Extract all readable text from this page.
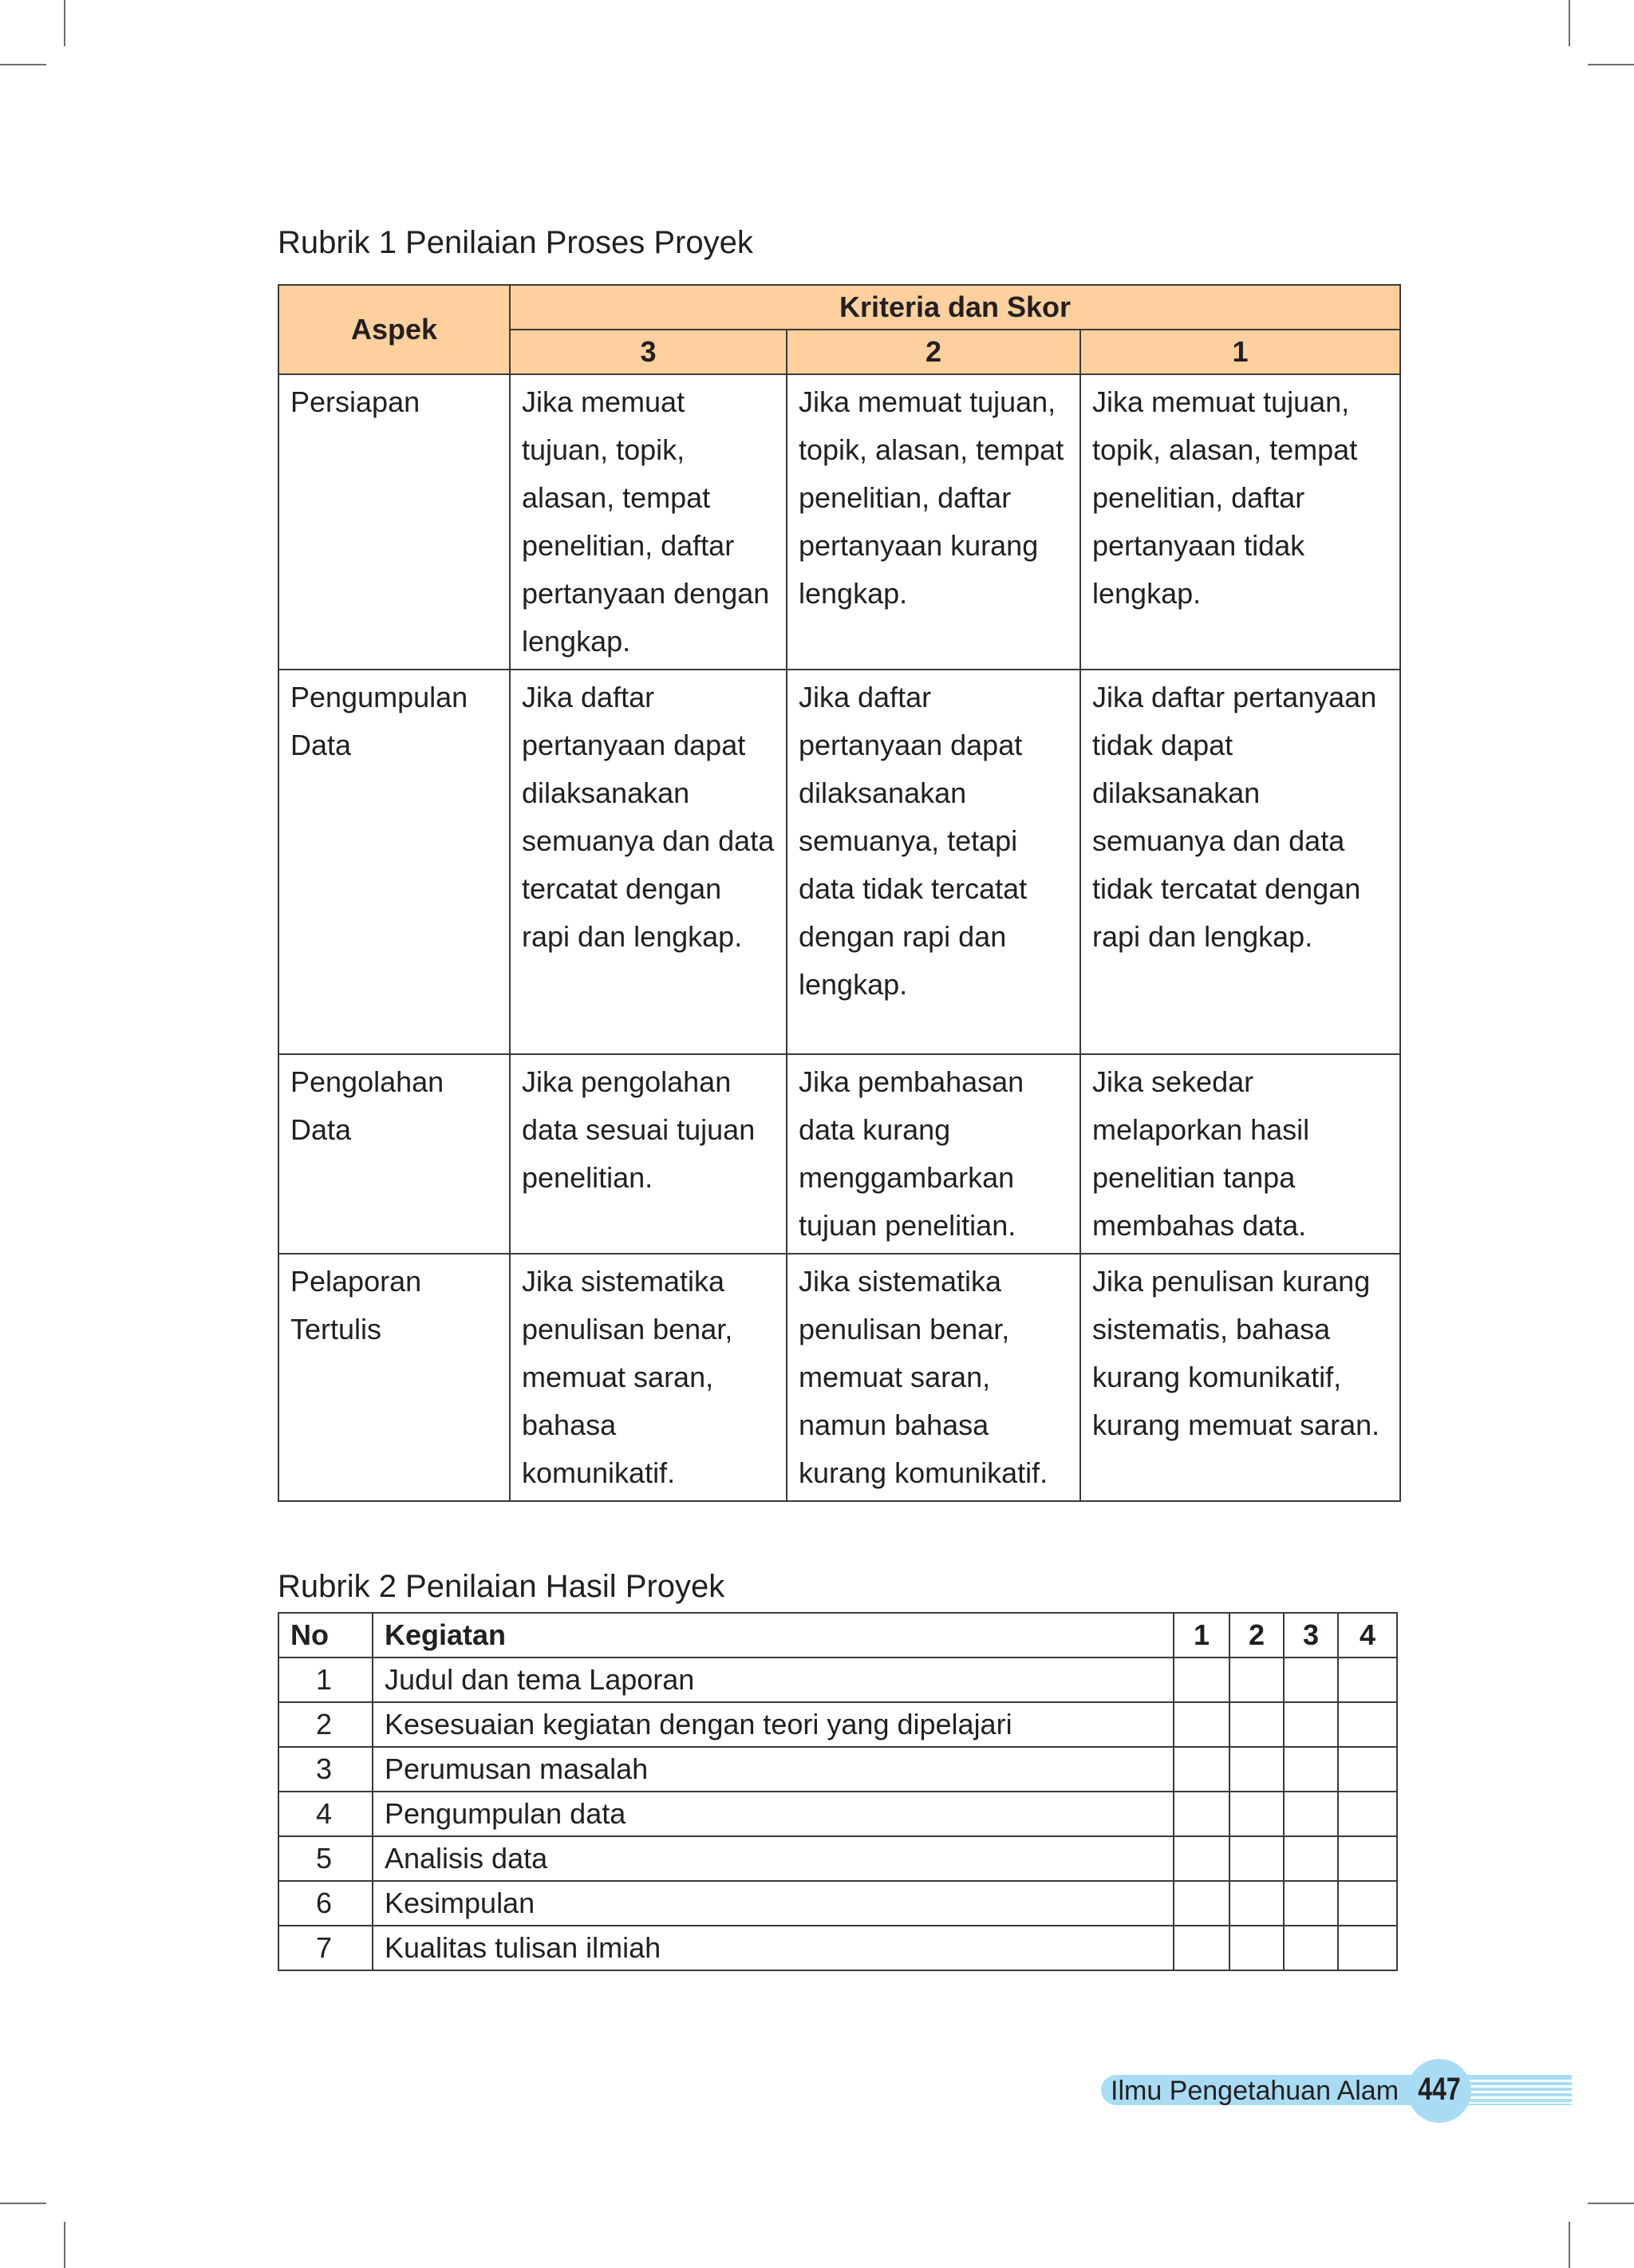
Rubrik 1 Penilaian Proses Proyek
Aspek	Kriteria dan Skor		
	3	2	1
Persiapan	Jika memuat tujuan, topik, alasan, tempat penelitian, daftar pertanyaan dengan lengkap.	Jika memuat tujuan, topik, alasan, tempat penelitian, daftar pertanyaan kurang lengkap.	Jika memuat tujuan, topik, alasan, tempat penelitian, daftar pertanyaan tidak lengkap.
Pengumpulan Data	Jika daftar pertanyaan dapat dilaksanakan semuanya dan data tercatat dengan rapi dan lengkap.	Jika daftar pertanyaan dapat dilaksanakan semuanya, tetapi data tidak tercatat dengan rapi dan lengkap.	Jika daftar pertanyaan tidak dapat dilaksanakan semuanya dan data tidak tercatat dengan rapi dan lengkap.
Pengolahan Data	Jika pengolahan data sesuai tujuan penelitian.	Jika pembahasan data kurang menggambarkan tujuan penelitian.	Jika sekedar melaporkan hasil penelitian tanpa membahas data.
Pelaporan Tertulis	Jika sistematika penulisan benar, memuat saran, bahasa komunikatif.	Jika sistematika penulisan benar, memuat saran, namun bahasa kurang komunikatif.	Jika penulisan kurang sistematis, bahasa kurang komunikatif, kurang memuat saran.
Rubrik 2 Penilaian Hasil Proyek
No	Kegiatan	1	2	3	4
1	Judul dan tema Laporan				
2	Kesesuaian kegiatan dengan teori yang dipelajari				
3	Perumusan masalah				
4	Pengumpulan data				
5	Analisis data				
6	Kesimpulan				
7	Kualitas tulisan ilmiah				
Ilmu Pengetahuan Alam 447
